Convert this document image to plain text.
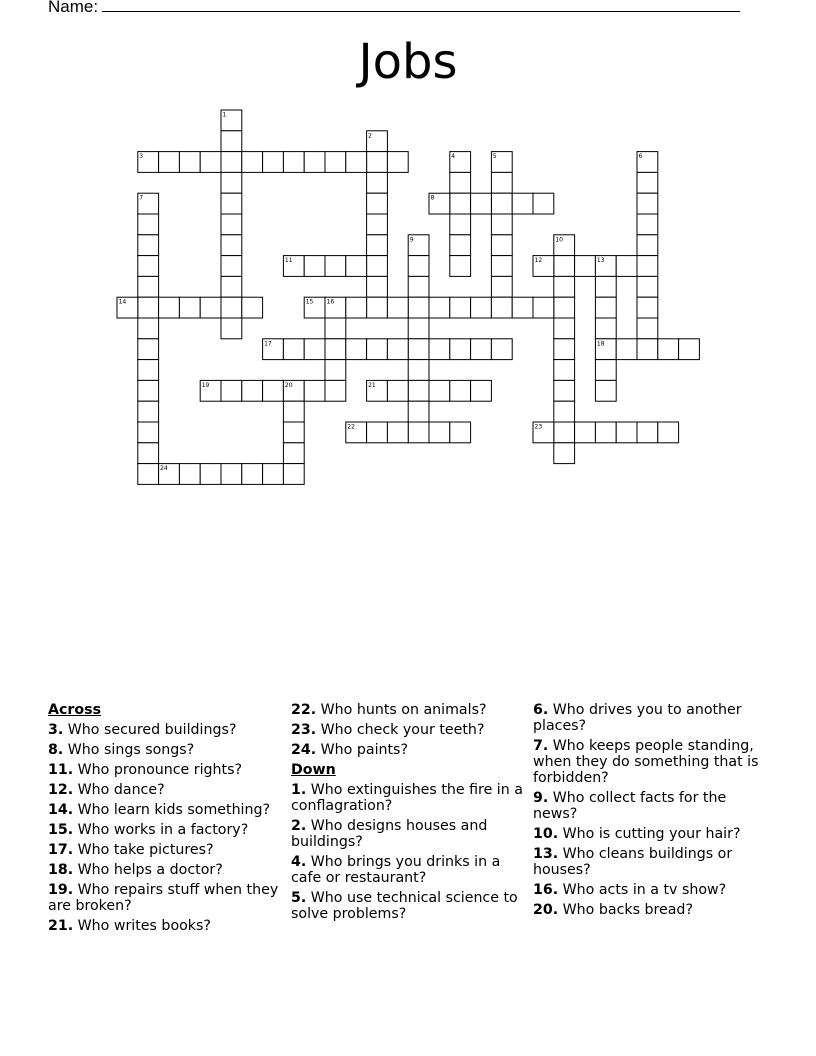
Name:
Jobs
1
2
3	4	5	6
7	8
9	10
11	12	13
14	15 16
17	18
19	20	21
22	23
24
Across
3. Who secured buildings?
8. Who sings songs?
11. Who pronounce rights?
12. Who dance?
14. Who learn kids something?
15. Who works in a factory?
17. Who take pictures?
18. Who helps a doctor?
19. Who repairs stuff when they are broken?
21. Who writes books?
22. Who hunts on animals?
23. Who check your teeth?
24. Who paints?
Down
1. Who extinguishes the fire in a conflagration?
2. Who designs houses and buildings?
4. Who brings you drinks in a cafe or restaurant?
5. Who use technical science to solve problems?
6. Who drives you to another places?
7. Who keeps people standing, when they do something that is forbidden?
9. Who collect facts for the news?
10. Who is cutting your hair?
13. Who cleans buildings or houses?
16. Who acts in a tv show?
20. Who backs bread?
